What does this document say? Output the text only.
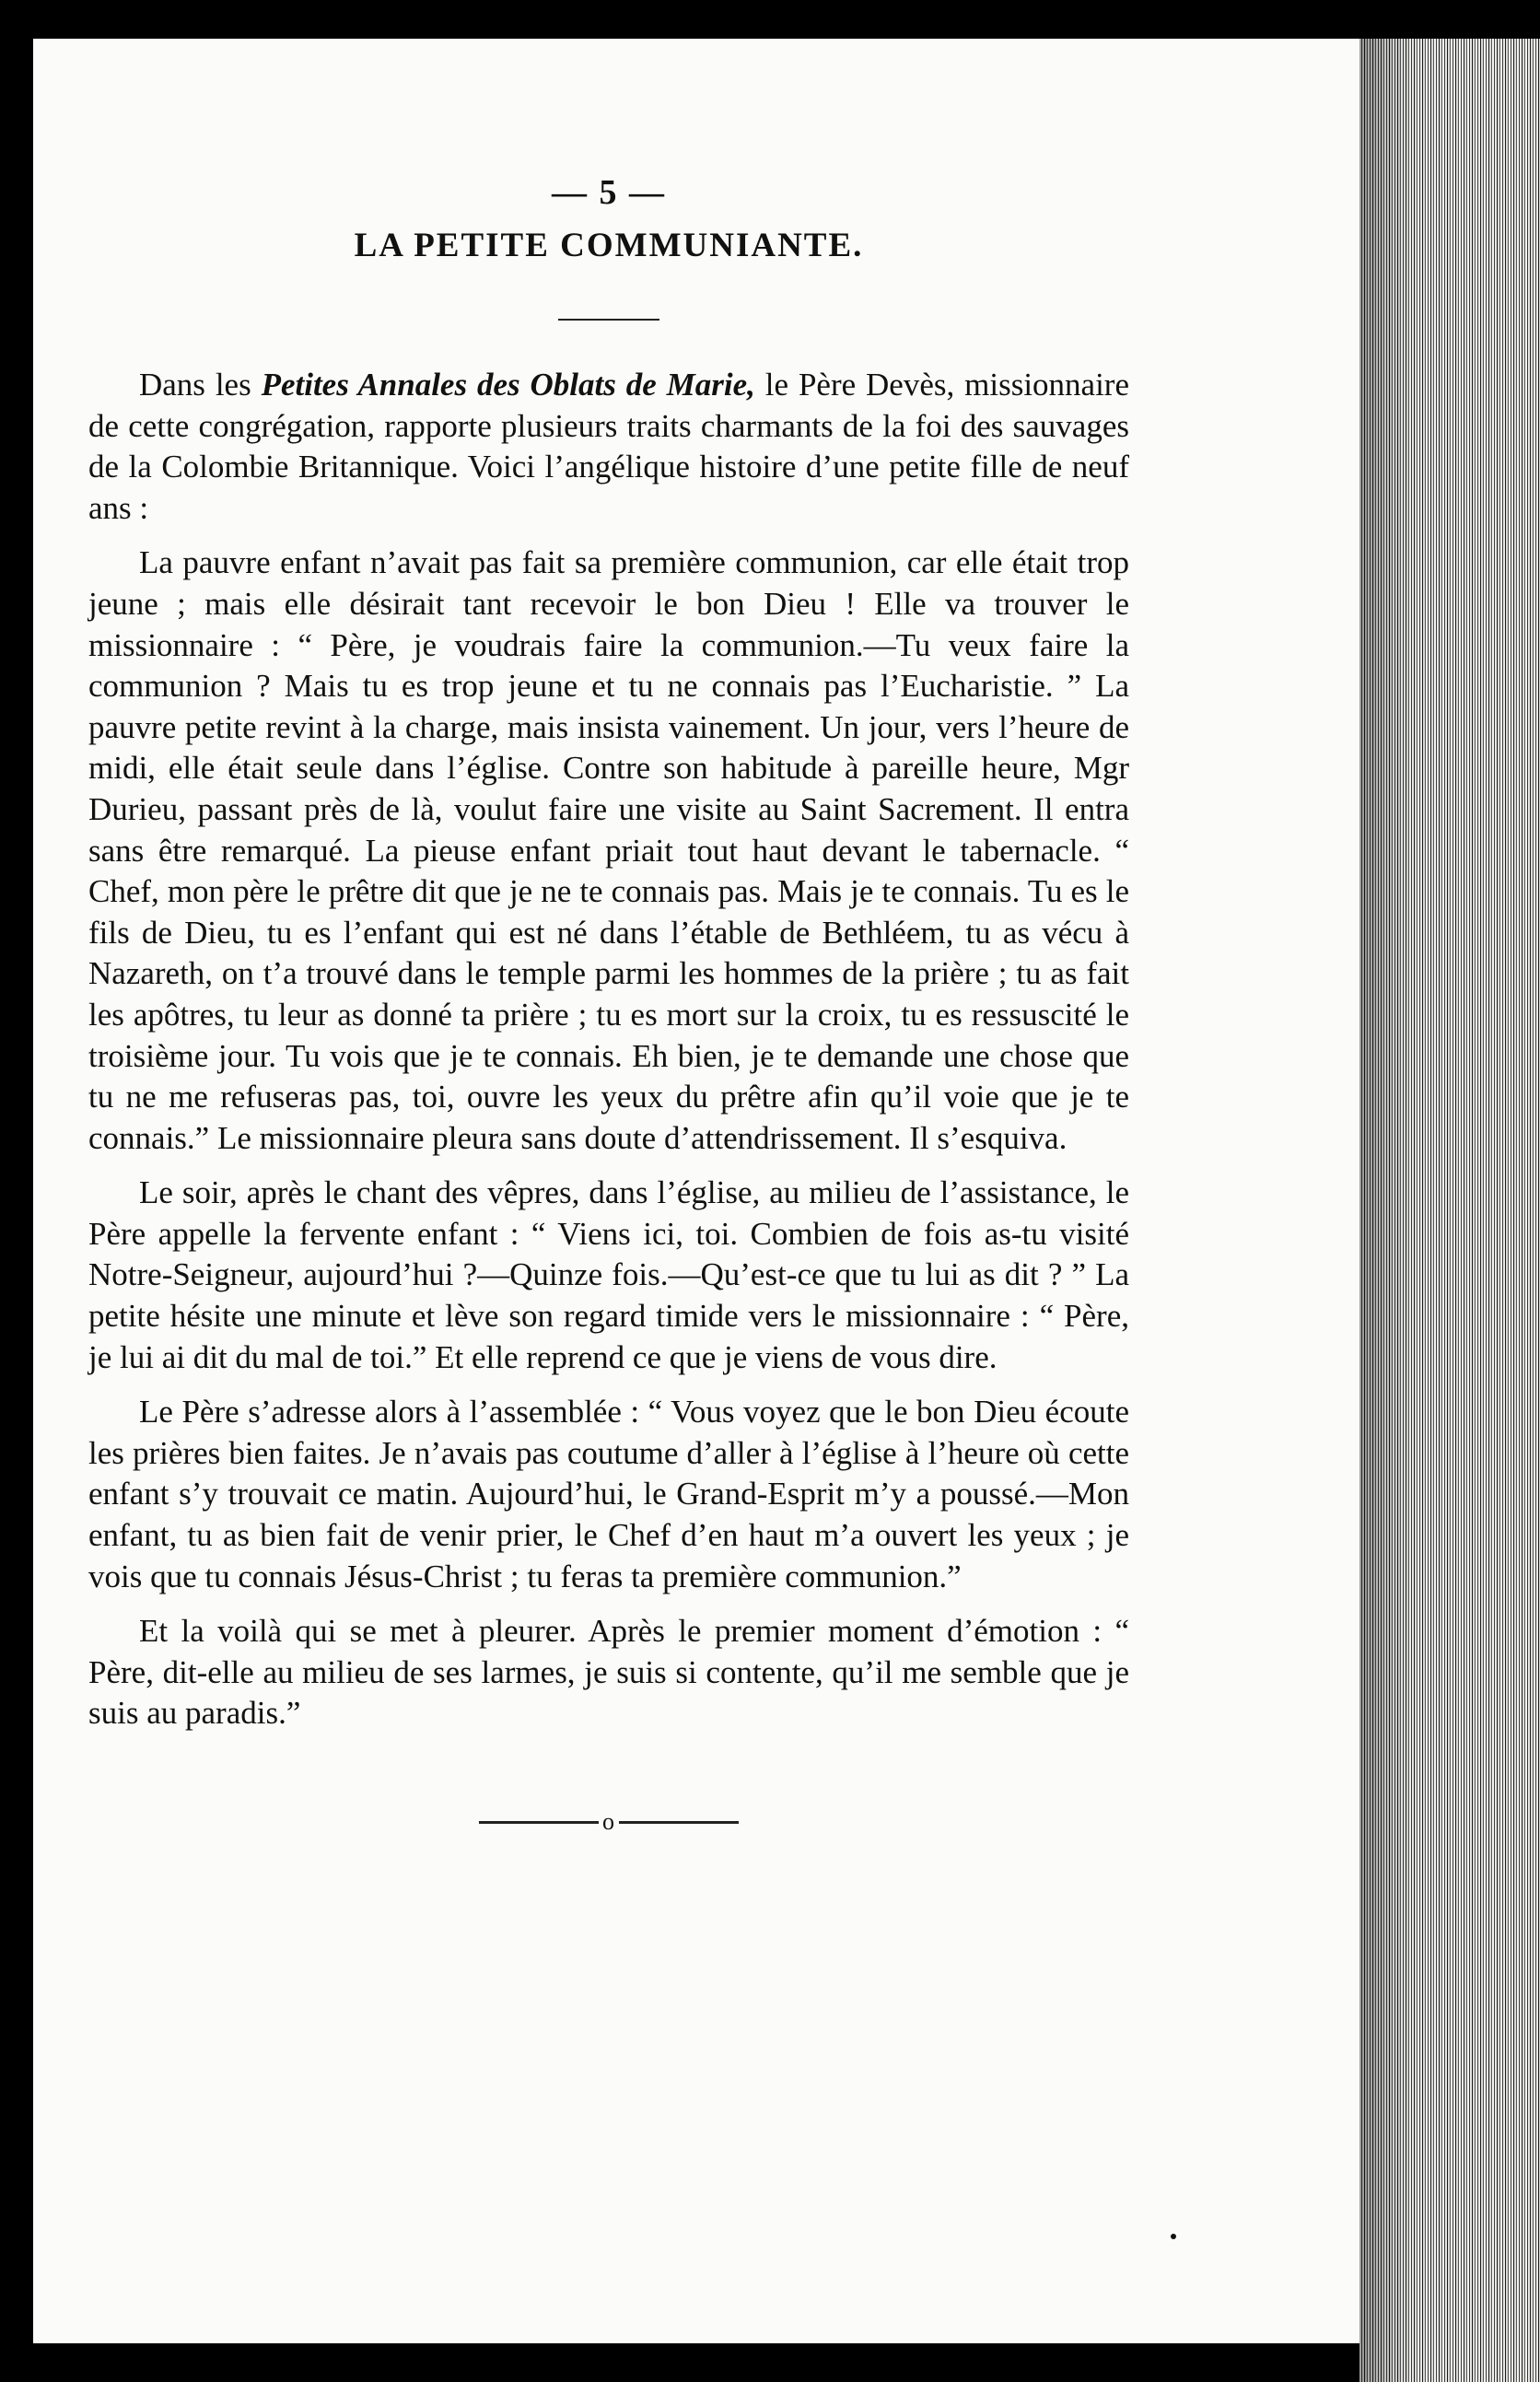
— 5 —
LA PETITE COMMUNIANTE.

Dans les Petites Annales des Oblats de Marie, le Père Devès, missionnaire de cette congrégation, rapporte plusieurs traits charmants de la foi des sauvages de la Colombie Britannique. Voici l’angélique histoire d’une petite fille de neuf ans :

La pauvre enfant n’avait pas fait sa première communion, car elle était trop jeune ; mais elle désirait tant recevoir le bon Dieu ! Elle va trouver le missionnaire : “ Père, je voudrais faire la communion.—Tu veux faire la communion ? Mais tu es trop jeune et tu ne connais pas l’Eucharistie. ” La pauvre petite revint à la charge, mais insista vainement. Un jour, vers l’heure de midi, elle était seule dans l’église. Contre son habitude à pareille heure, Mgr Durieu, passant près de là, voulut faire une visite au Saint Sacrement. Il entra sans être remarqué. La pieuse enfant priait tout haut devant le tabernacle. “ Chef, mon père le prêtre dit que je ne te connais pas. Mais je te connais. Tu es le fils de Dieu, tu es l’enfant qui est né dans l’étable de Bethléem, tu as vécu à Nazareth, on t’a trouvé dans le temple parmi les hommes de la prière ; tu as fait les apôtres, tu leur as donné ta prière ; tu es mort sur la croix, tu es ressuscité le troisième jour. Tu vois que je te connais. Eh bien, je te demande une chose que tu ne me refuseras pas, toi, ouvre les yeux du prêtre afin qu’il voie que je te connais.” Le missionnaire pleura sans doute d’attendrissement. Il s’esquiva.

Le soir, après le chant des vêpres, dans l’église, au milieu de l’assistance, le Père appelle la fervente enfant : “ Viens ici, toi. Combien de fois as-tu visité Notre-Seigneur, aujourd’hui ?—Quinze fois.—Qu’est-ce que tu lui as dit ? ” La petite hésite une minute et lève son regard timide vers le missionnaire : “ Père, je lui ai dit du mal de toi.” Et elle reprend ce que je viens de vous dire.

Le Père s’adresse alors à l’assemblée : “ Vous voyez que le bon Dieu écoute les prières bien faites. Je n’avais pas coutume d’aller à l’église à l’heure où cette enfant s’y trouvait ce matin. Aujourd’hui, le Grand-Esprit m’y a poussé.—Mon enfant, tu as bien fait de venir prier, le Chef d’en haut m’a ouvert les yeux ; je vois que tu connais Jésus-Christ ; tu feras ta première communion.”

Et la voilà qui se met à pleurer. Après le premier moment d’émotion : “ Père, dit-elle au milieu de ses larmes, je suis si contente, qu’il me semble que je suis au paradis.”

o
